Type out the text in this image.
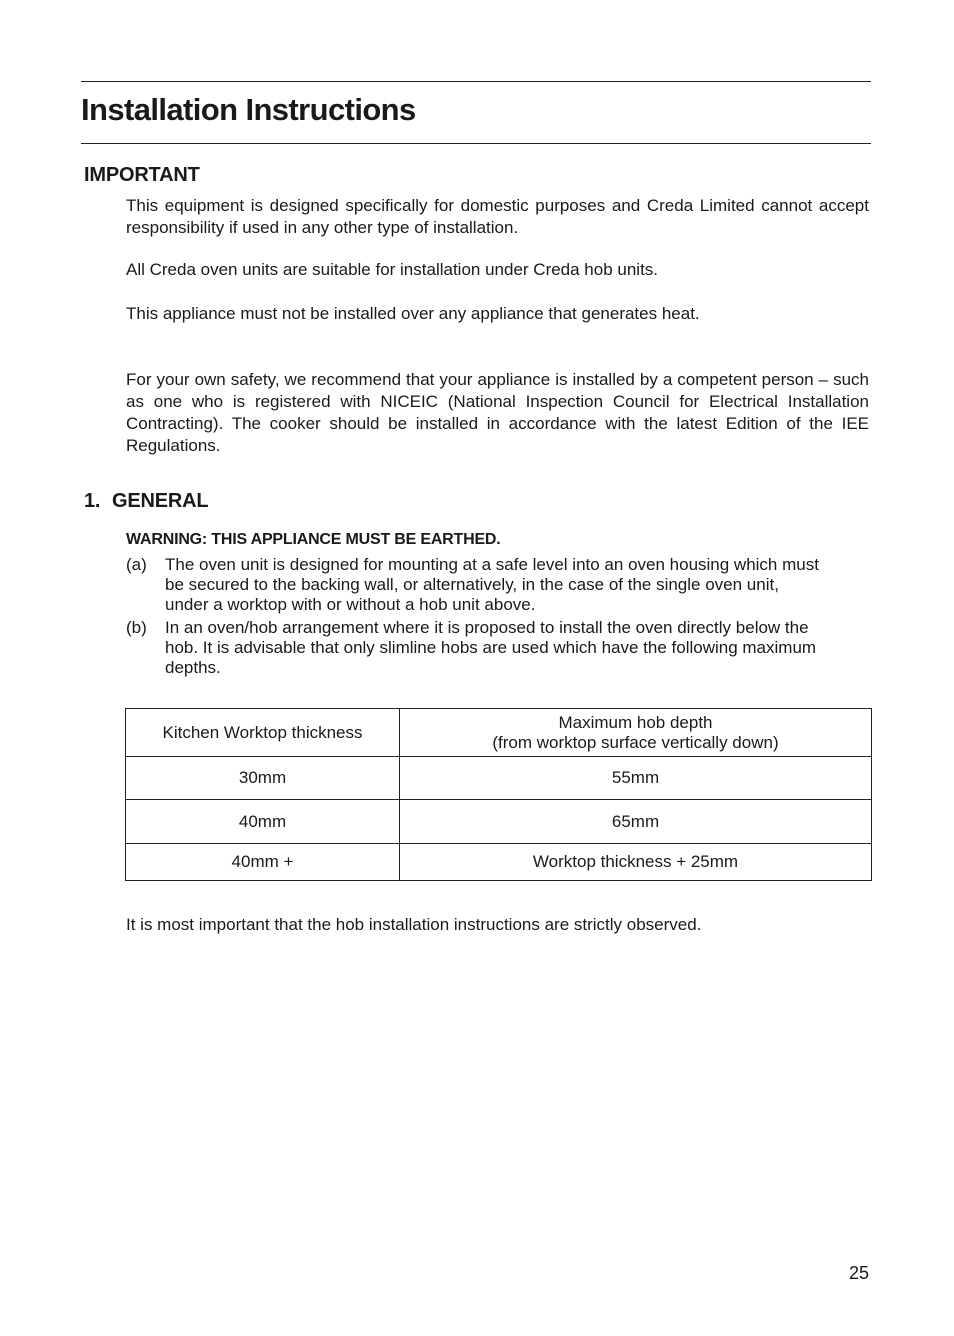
Installation Instructions
IMPORTANT

This equipment is designed specifically for domestic purposes and Creda Limited cannot accept responsibility if used in any other type of installation.

All Creda oven units are suitable for installation under Creda hob units.

This appliance must not be installed over any appliance that generates heat.

For your own safety, we recommend that your appliance is installed by a competent person – such as one who is registered with NICEIC (National Inspection Council for Electrical Installation Contracting). The cooker should be installed in accordance with the latest Edition of the IEE Regulations.

1. GENERAL

WARNING: THIS APPLIANCE MUST BE EARTHED.

(a) The oven unit is designed for mounting at a safe level into an oven housing which must be secured to the backing wall, or alternatively, in the case of the single oven unit, under a worktop with or without a hob unit above.
(b) In an oven/hob arrangement where it is proposed to install the oven directly below the hob. It is advisable that only slimline hobs are used which have the following maximum depths.
Kitchen Worktop thickness	Maximum hob depth
(from worktop surface vertically down)

30mm	55mm
40mm	65mm
40mm +	Worktop thickness + 25mm

It is most important that the hob installation instructions are strictly observed.

25
